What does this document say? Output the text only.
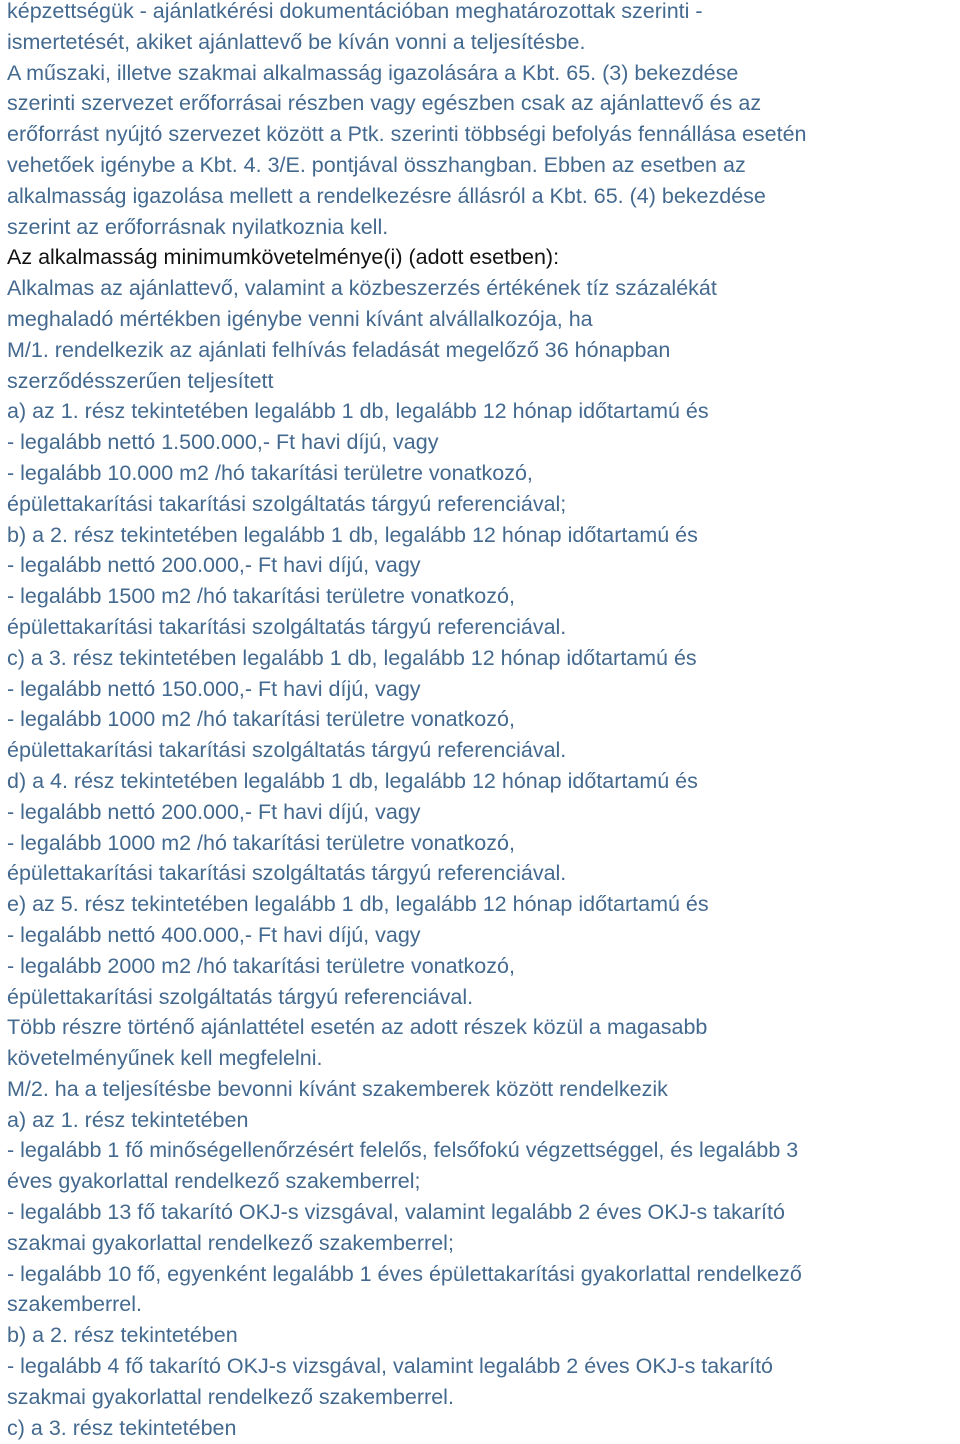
képzettségük - ajánlatkérési dokumentációban meghatározottak szerinti -
ismertetését, akiket ajánlattevő be kíván vonni a teljesítésbe.
A műszaki, illetve szakmai alkalmasság igazolására a Kbt. 65. (3) bekezdése
szerinti szervezet erőforrásai részben vagy egészben csak az ajánlattevő és az
erőforrást nyújtó szervezet között a Ptk. szerinti többségi befolyás fennállása esetén
vehetőek igénybe a Kbt. 4. 3/E. pontjával összhangban. Ebben az esetben az
alkalmasság igazolása mellett a rendelkezésre állásról a Kbt. 65. (4) bekezdése
szerint az erőforrásnak nyilatkoznia kell.
Az alkalmasság minimumkövetelménye(i) (adott esetben):
Alkalmas az ajánlattevő, valamint a közbeszerzés értékének tíz százalékát
meghaladó mértékben igénybe venni kívánt alvállalkozója, ha
M/1. rendelkezik az ajánlati felhívás feladását megelőző 36 hónapban
szerződésszerűen teljesített
a) az 1. rész tekintetében legalább 1 db, legalább 12 hónap időtartamú és
- legalább nettó 1.500.000,- Ft havi díjú, vagy
- legalább 10.000 m2 /hó takarítási területre vonatkozó,
épülettakarítási takarítási szolgáltatás tárgyú referenciával;
b) a 2. rész tekintetében legalább 1 db, legalább 12 hónap időtartamú és
- legalább nettó 200.000,- Ft havi díjú, vagy
- legalább 1500 m2 /hó takarítási területre vonatkozó,
épülettakarítási takarítási szolgáltatás tárgyú referenciával.
c) a 3. rész tekintetében legalább 1 db, legalább 12 hónap időtartamú és
- legalább nettó 150.000,- Ft havi díjú, vagy
- legalább 1000 m2 /hó takarítási területre vonatkozó,
épülettakarítási takarítási szolgáltatás tárgyú referenciával.
d) a 4. rész tekintetében legalább 1 db, legalább 12 hónap időtartamú és
- legalább nettó 200.000,- Ft havi díjú, vagy
- legalább 1000 m2 /hó takarítási területre vonatkozó,
épülettakarítási takarítási szolgáltatás tárgyú referenciával.
e) az 5. rész tekintetében legalább 1 db, legalább 12 hónap időtartamú és
- legalább nettó 400.000,- Ft havi díjú, vagy
- legalább 2000 m2 /hó takarítási területre vonatkozó,
épülettakarítási szolgáltatás tárgyú referenciával.
Több részre történő ajánlattétel esetén az adott részek közül a magasabb
követelményűnek kell megfelelni.
M/2. ha a teljesítésbe bevonni kívánt szakemberek között rendelkezik
a) az 1. rész tekintetében
- legalább 1 fő minőségellenőrzésért felelős, felsőfokú végzettséggel, és legalább 3
éves gyakorlattal rendelkező szakemberrel;
- legalább 13 fő takarító OKJ-s vizsgával, valamint legalább 2 éves OKJ-s takarító
szakmai gyakorlattal rendelkező szakemberrel;
- legalább 10 fő, egyenként legalább 1 éves épülettakarítási gyakorlattal rendelkező
szakemberrel.
b) a 2. rész tekintetében
- legalább 4 fő takarító OKJ-s vizsgával, valamint legalább 2 éves OKJ-s takarító
szakmai gyakorlattal rendelkező szakemberrel.
c) a 3. rész tekintetében
